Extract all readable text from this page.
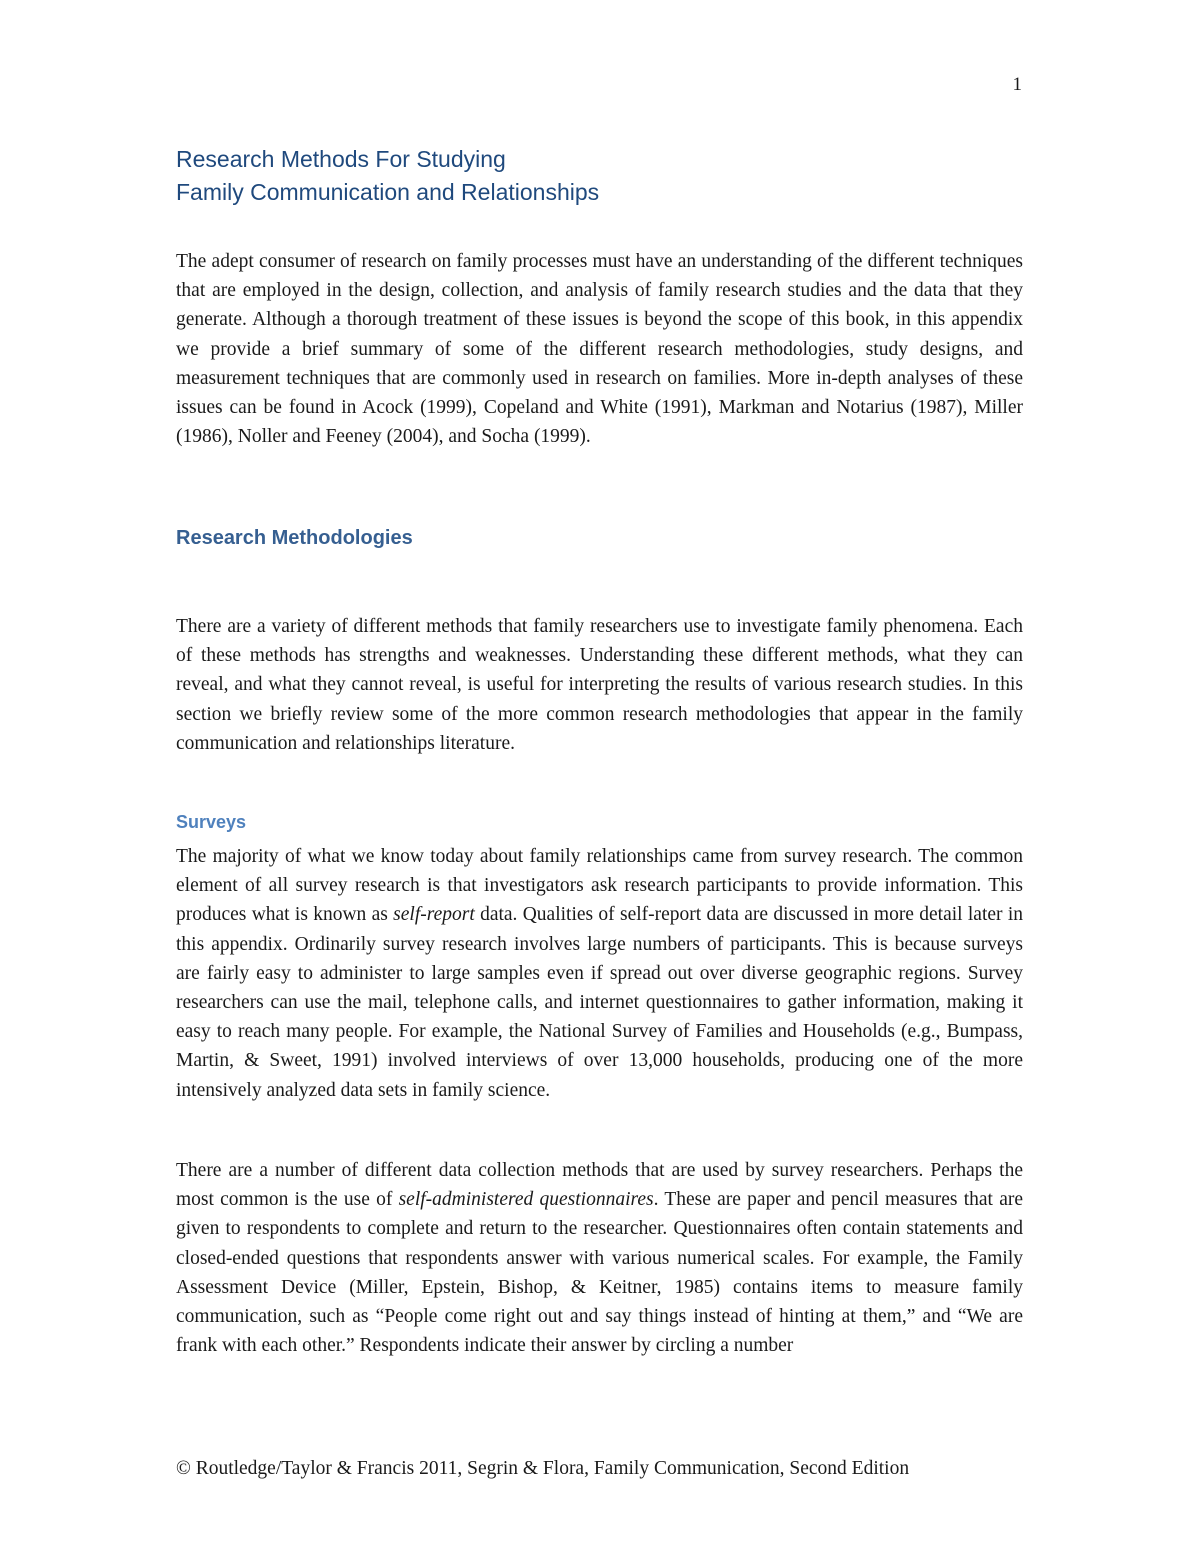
1
Research Methods For Studying
Family Communication and Relationships

The adept consumer of research on family processes must have an understanding of the different techniques that are employed in the design, collection, and analysis of family research studies and the data that they generate. Although a thorough treatment of these issues is beyond the scope of this book, in this appendix we provide a brief summary of some of the different research methodologies, study designs, and measurement techniques that are commonly used in research on families. More in-depth analyses of these issues can be found in Acock (1999), Copeland and White (1991), Markman and Notarius (1987), Miller (1986), Noller and Feeney (2004), and Socha (1999).

Research Methodologies

There are a variety of different methods that family researchers use to investigate family phenomena. Each of these methods has strengths and weaknesses. Understanding these different methods, what they can reveal, and what they cannot reveal, is useful for interpreting the results of various research studies. In this section we briefly review some of the more common research methodologies that appear in the family communication and relationships literature.

Surveys

The majority of what we know today about family relationships came from survey research. The common element of all survey research is that investigators ask research participants to provide information. This produces what is known as self-report data. Qualities of self-report data are discussed in more detail later in this appendix. Ordinarily survey research involves large numbers of participants. This is because surveys are fairly easy to administer to large samples even if spread out over diverse geographic regions. Survey researchers can use the mail, telephone calls, and internet questionnaires to gather information, making it easy to reach many people. For example, the National Survey of Families and Households (e.g., Bumpass, Martin, & Sweet, 1991) involved interviews of over 13,000 households, producing one of the more intensively analyzed data sets in family science.

There are a number of different data collection methods that are used by survey researchers. Perhaps the most common is the use of self-administered questionnaires. These are paper and pencil measures that are given to respondents to complete and return to the researcher. Questionnaires often contain statements and closed-ended questions that respondents answer with various numerical scales. For example, the Family Assessment Device (Miller, Epstein, Bishop, & Keitner, 1985) contains items to measure family communication, such as “People come right out and say things instead of hinting at them,” and “We are frank with each other.” Respondents indicate their answer by circling a number

© Routledge/Taylor & Francis 2011, Segrin & Flora, Family Communication, Second Edition
